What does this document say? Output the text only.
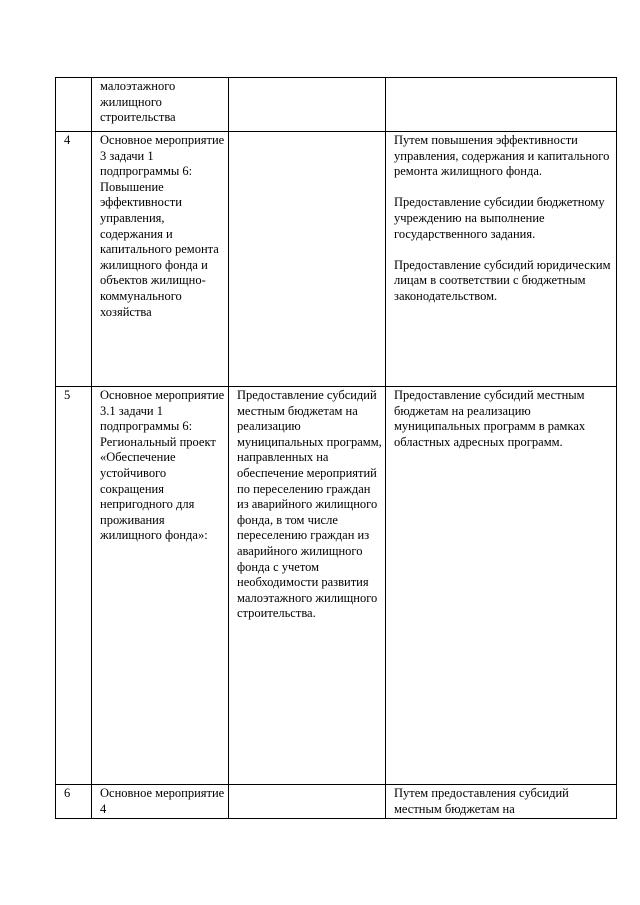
	малоэтажного жилищного строительства		
4	Основное мероприятие 3 задачи 1 подпрограммы 6: Повышение эффективности управления, содержания и капитального ремонта жилищного фонда и объектов жилищно-коммунального хозяйства		Путем повышения эффективности управления, содержания и капитального ремонта жилищного фонда.

Предоставление субсидии бюджетному учреждению на выполнение государственного задания.

Предоставление субсидий юридическим лицам в соответствии с бюджетным законодательством.

5	Основное мероприятие 3.1 задачи 1 подпрограммы 6: Региональный проект «Обеспечение устойчивого сокращения непригодного для проживания жилищного фонда»:	Предоставление субсидий местным бюджетам на реализацию муниципальных программ, направленных на обеспечение мероприятий по переселению граждан из аварийного жилищного фонда, в том числе переселению граждан из аварийного жилищного фонда с учетом необходимости развития малоэтажного жилищного строительства.	Предоставление субсидий местным бюджетам на реализацию муниципальных программ в рамках областных адресных программ.

6	Основное мероприятие 4		Путем предоставления субсидий местным бюджетам на
